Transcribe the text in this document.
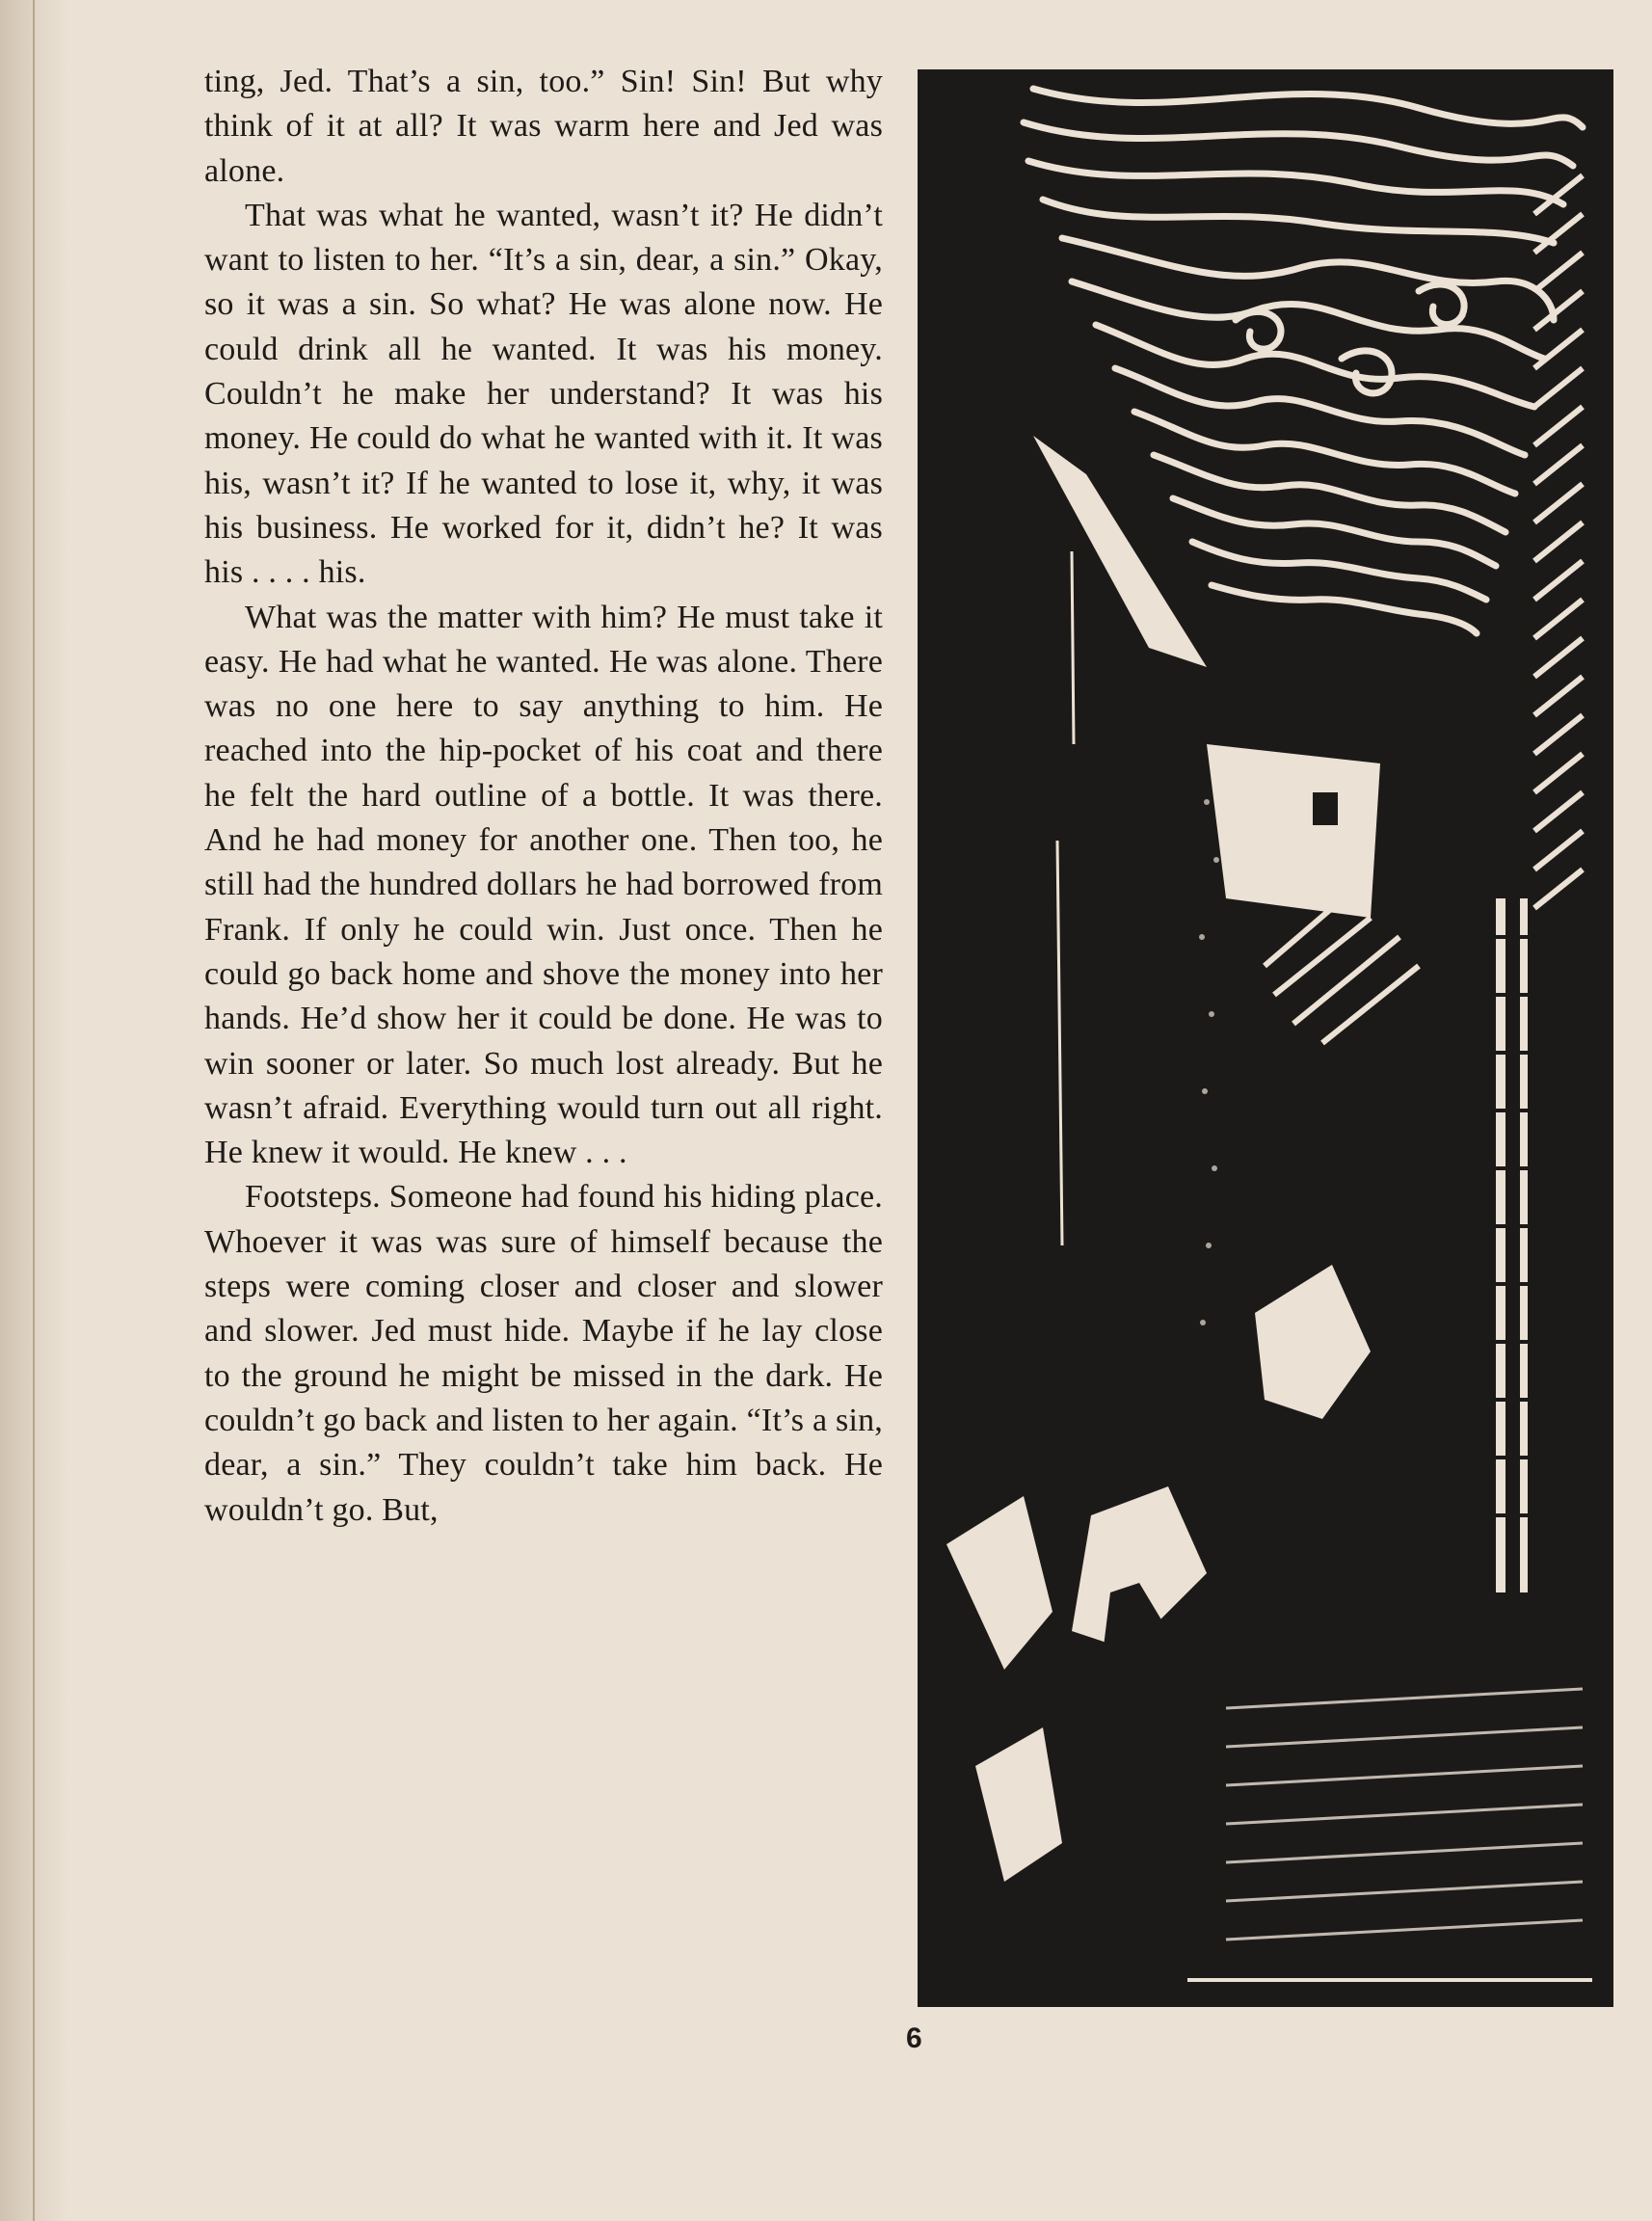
ting, Jed. That’s a sin, too.” Sin! Sin! But why think of it at all? It was warm here and Jed was alone.

That was what he wanted, wasn’t it? He didn’t want to listen to her. “It’s a sin, dear, a sin.” Okay, so it was a sin. So what? He was alone now. He could drink all he wanted. It was his money. Couldn’t he make her understand? It was his money. He could do what he wanted with it. It was his, wasn’t it? If he wanted to lose it, why, it was his business. He worked for it, didn’t he? It was his . . . . his.

What was the matter with him? He must take it easy. He had what he wanted. He was alone. There was no one here to say anything to him. He reached into the hip-pocket of his coat and there he felt the hard outline of a bottle. It was there. And he had money for another one. Then too, he still had the hundred dollars he had borrowed from Frank. If only he could win. Just once. Then he could go back home and shove the money into her hands. He’d show her it could be done. He was to win sooner or later. So much lost already. But he wasn’t afraid. Everything would turn out all right. He knew it would. He knew . . .

Footsteps. Someone had found his hiding place. Whoever it was was sure of himself because the steps were coming closer and closer and slower and slower. Jed must hide. Maybe if he lay close to the ground he might be missed in the dark. He couldn’t go back and listen to her again. “It’s a sin, dear, a sin.” They couldn’t take him back. He wouldn’t go. But,

6
